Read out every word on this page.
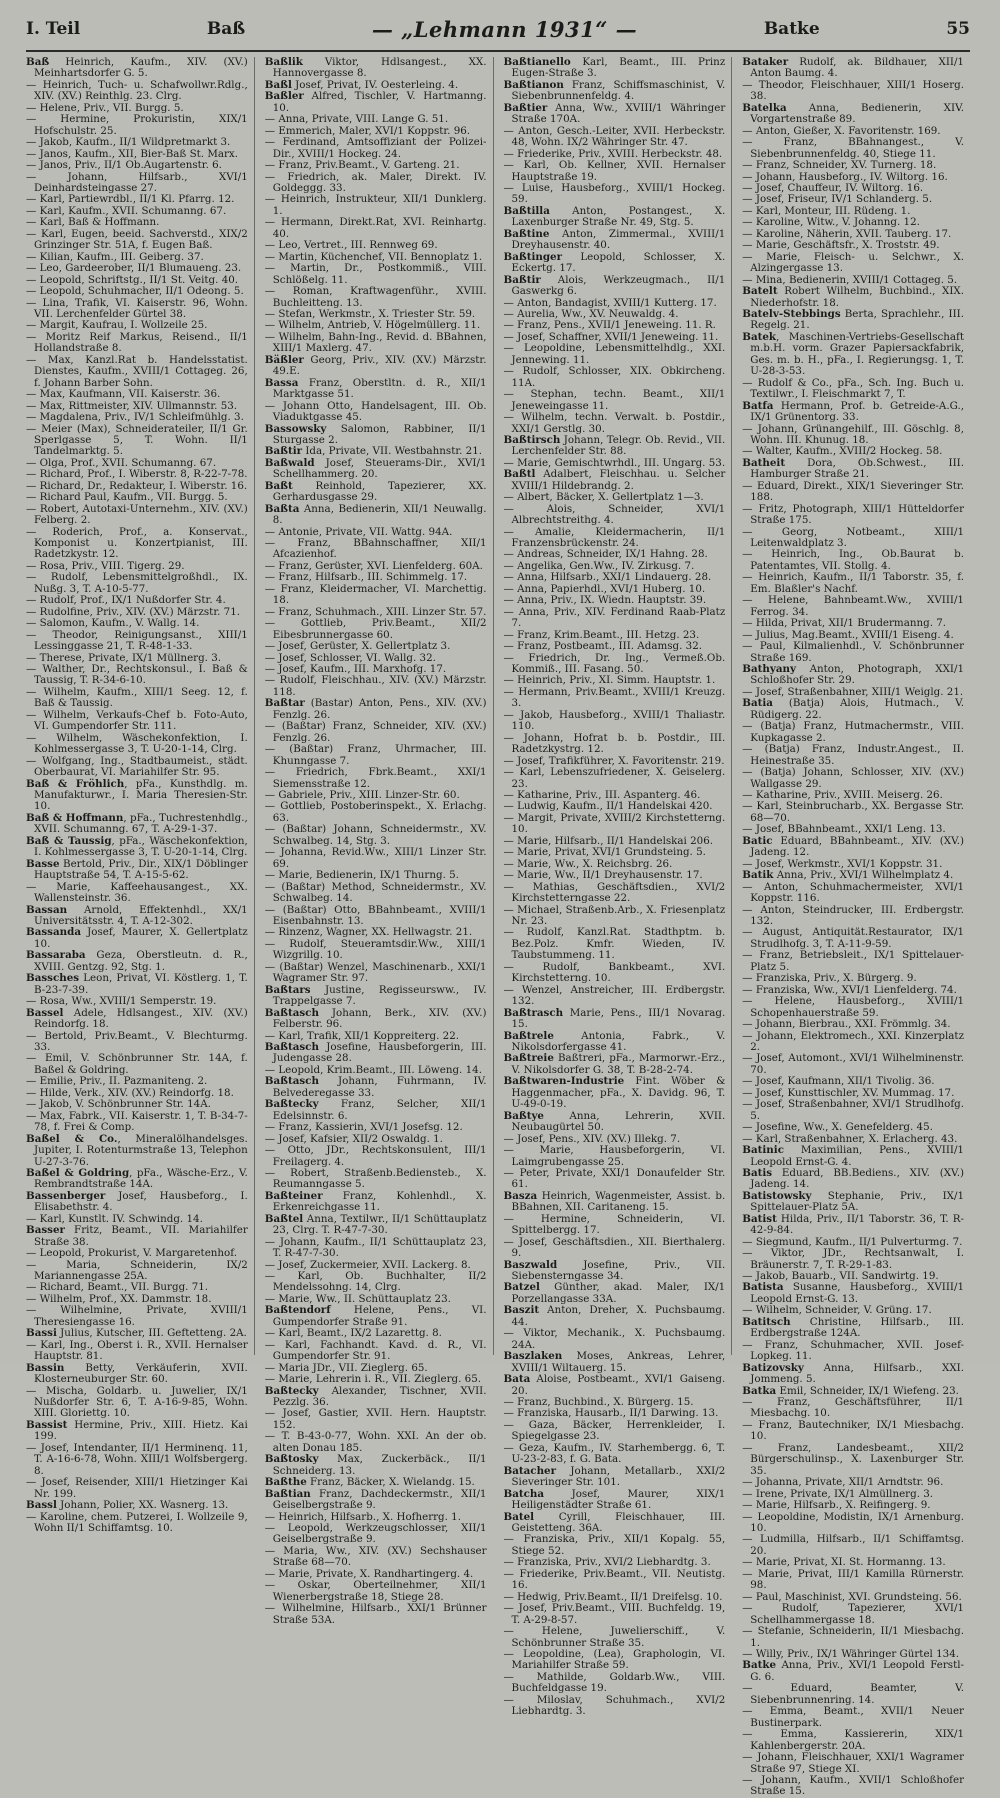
I. Teil	Baß	— „Lehmann 1931“ —	Batke	55

Baß Heinrich, Kaufm., XIV. (XV.) Meinhartsdorfer G. 5.

— Heinrich, Tuch- u. Schafwollwr.Rdlg., XIV. (XV.) Reinthlg. 23. Clrg.

— Helene, Priv., VII. Burgg. 5.

— Hermine, Prokuristin, XIX/1 Hofschulstr. 25.

— Jakob, Kaufm., II/1 Wildpretmarkt 3.

— Janos, Kaufm., XII, Bier-Baß St. Marx.

— Janos, Priv., II/1 Ob.Augartenstr. 6.

— Johann, Hilfsarb., XVI/1 Deinhardsteingasse 27.

— Karl, Partiewrdbl., II/1 Kl. Pfarrg. 12.

— Karl, Kaufm., XVII. Schumanng. 67.

— Karl, Baß & Hoffmann.

— Karl, Eugen, beeid. Sachverstd., XIX/2 Grinzinger Str. 51A, f. Eugen Baß.

— Kilian, Kaufm., III. Geiberg. 37.

— Leo, Gardeerober, II/1 Blumaueng. 23.

— Leopold, Schriftstg., II/1 St. Veitg. 40.

— Leopold, Schuhmacher, II/1 Odeong. 5.

— Lina, Trafik, VI. Kaiserstr. 96, Wohn. VII. Lerchenfelder Gürtel 38.

— Margit, Kaufrau, I. Wollzeile 25.

— Moritz Reif Markus, Reisend., II/1 Hollandstraße 8.

— Max, Kanzl.Rat b. Handelsstatist. Dienstes, Kaufm., XVIII/1 Cottageg. 26, f. Johann Barber Sohn.

— Max, Kaufmann, VII. Kaiserstr. 36.

— Max, Rittmeister, XIV. Ullmannstr. 53.

— Magdalena, Priv., IV/1 Schleifmühlg. 3.

— Meier (Max), Schneiderateiler, II/1 Gr. Sperlgasse 5, T. Wohn. II/1 Tandelmarktg. 5.

— Olga, Prof., XVII. Schumanng. 67.

— Richard, Prof., I. Wiberstr. 8, R-22-7-78.

— Richard, Dr., Redakteur, I. Wiberstr. 16.

— Richard Paul, Kaufm., VII. Burgg. 5.

— Robert, Autotaxi-Unternehm., XIV. (XV.) Felberg. 2.

— Roderich, Prof., a. Konservat., Komponist u. Konzertpianist, III. Radetzkystr. 12.

— Rosa, Priv., VIII. Tigerg. 29.

— Rudolf, Lebensmittelgroßhdl., IX. Nußg. 3, T. A-10-5-77.

— Rudolf, Prof., IX/1 Nußdorfer Str. 4.

— Rudolfine, Priv., XIV. (XV.) Märzstr. 71.

— Salomon, Kaufm., V. Wallg. 14.

— Theodor, Reinigungsanst., XIII/1 Lessinggasse 21, T. R-48-1-33.

— Therese, Private, IX/1 Müllnerg. 3.

— Walther, Dr., Rechtskonsul., I. Baß & Taussig, T. R-34-6-10.

— Wilhelm, Kaufm., XIII/1 Seeg. 12, f. Baß & Taussig.

— Wilhelm, Verkaufs-Chef b. Foto-Auto, VI. Gumpendorfer Str. 111.

— Wilhelm, Wäschekonfektion, I. Kohlmessergasse 3, T. U-20-1-14, Clrg.

— Wolfgang, Ing., Stadtbaumeist., städt. Oberbaurat, VI. Mariahilfer Str. 95.

Baß & Fröhlich, pFa., Kunsthdlg. m. Manufakturwr., I. Maria Theresien-Str. 10.

Baß & Hoffmann, pFa., Tuchrestenhdlg., XVII. Schumanng. 67, T. A-29-1-37.

Baß & Taussig, pFa., Wäschekonfektion, I. Kohlmessergasse 3, T. U-20-1-14, Clrg.

Basse Bertold, Priv., Dir., XIX/1 Döblinger Hauptstraße 54, T. A-15-5-62.

— Marie, Kaffeehausangest., XX. Wallensteinstr. 36.

Bassan Arnold, Effektenhdl., XX/1 Universitätsstr. 4, T. A-12-302.

Bassanda Josef, Maurer, X. Gellertplatz 10.

Bassaraba Geza, Oberstleutn. d. R., XVIII. Gentzg. 92, Stg. 1.

Bassches Leon, Privat, VI. Köstlerg. 1, T. B-23-7-39.

— Rosa, Ww., XVIII/1 Semperstr. 19.

Bassel Adele, Hdlsangest., XIV. (XV.) Reindorfg. 18.

— Bertold, Priv.Beamt., V. Blechturmg. 33.

— Emil, V. Schönbrunner Str. 14A, f. Baßel & Goldring.

— Emilie, Priv., II. Pazmaniteng. 2.

— Hilde, Verk., XIV. (XV.) Reindorfg. 18.

— Jakob, V. Schönbrunner Str. 14A.

— Max, Fabrk., VII. Kaiserstr. 1, T. B-34-7-78, f. Frei & Comp.

Baßel & Co., Mineralölhandelsges. Jupiter, I. Rotenturmstraße 13, Telephon U-27-3-76.

Baßel & Goldring, pFa., Wäsche-Erz., V. Rembrandtstraße 14A.

Bassenberger Josef, Hausbeforg., I. Elisabethstr. 4.

— Karl, Kunstlt. IV. Schwindg. 14.

Basser Fritz, Beamt., VII. Mariahilfer Straße 38.

— Leopold, Prokurist, V. Margaretenhof.

— Maria, Schneiderin, IX/2 Mariannengasse 25A.

— Richard, Beamt., VII. Burgg. 71.

— Wilhelm, Prof., XX. Dammstr. 18.

— Wilhelmine, Private, XVIII/1 Theresiengasse 16.

Bassi Julius, Kutscher, III. Geftetteng. 2A.

— Karl, Ing., Oberst i. R., XVII. Hernalser Hauptstr. 81.

Bassin Betty, Verkäuferin, XVII. Klosterneuburger Str. 60.

— Mischa, Goldarb. u. Juwelier, IX/1 Nußdorfer Str. 6, T. A-16-9-85, Wohn. XIII. Gloriettg. 10.

Bassist Hermine, Priv., XIII. Hietz. Kai 199.

— Josef, Intendanter, II/1 Herminenq. 11, T. A-16-6-78, Wohn. XIII/1 Wolfsbergerg. 8.

— Josef, Reisender, XIII/1 Hietzinger Kai Nr. 199.

Bassl Johann, Polier, XX. Wasnerg. 13.

— Karoline, chem. Putzerei, I. Wollzeile 9, Wohn II/1 Schiffamtsg. 10.

Baßlik Viktor, Hdlsangest., XX. Hannovergasse 8.

Baßl Josef, Privat, IV. Oesterleing. 4.

Baßler Alfred, Tischler, V. Hartmanng. 10.

— Anna, Private, VIII. Lange G. 51.

— Emmerich, Maler, XVI/1 Koppstr. 96.

— Ferdinand, Amtsoffiziant der Polizei-Dir., XVIII/1 Hockeg. 24.

— Franz, Priv.Beamt., V. Garteng. 21.

— Friedrich, ak. Maler, Direkt. IV. Goldeggg. 33.

— Heinrich, Instrukteur, XII/1 Dunklerg. 1.

— Hermann, Direkt.Rat, XVI. Reinhartg. 40.

— Leo, Vertret., III. Rennweg 69.

— Martin, Küchenchef, VII. Bennoplatz 1.

— Martin, Dr., Postkommiß., VIII. Schlößelg. 11.

— Roman, Kraftwagenführ., XVIII. Buchleitteng. 13.

— Stefan, Werkmstr., X. Triester Str. 59.

— Wilhelm, Antrieb, V. Högelmüllerg. 11.

— Wilhelm, Bahn-Ing., Revid. d. BBahnen, XIII/1 Maxlerg. 47.

Bäßler Georg, Priv., XIV. (XV.) Märzstr. 49.E.

Bassa Franz, Oberstltn. d. R., XII/1 Marktgasse 51.

— Johann Otto, Handelsagent, III. Ob. Viaduktgasse 45.

Bassowsky Salomon, Rabbiner, II/1 Sturgasse 2.

Baßtir Ida, Private, VII. Westbahnstr. 21.

Baßwald Josef, Steuerams-Dir., XVI/1 Schellhammerg. 20.

Baßt Reinhold, Tapezierer, XX. Gerhardusgasse 29.

Baßta Anna, Bedienerin, XII/1 Neuwallg. 8.

— Antonie, Private, VII. Wattg. 94A.

— Franz, BBahnschaffner, XII/1 Afcazienhof.

— Franz, Gerüster, XVI. Lienfelderg. 60A.

— Franz, Hilfsarb., III. Schimmelg. 17.

— Franz, Kleidermacher, VI. Marchettig. 18.

— Franz, Schuhmach., XIII. Linzer Str. 57.

— Gottlieb, Priv.Beamt., XII/2 Eibesbrunnergasse 60.

— Josef, Gerüster, X. Gellertplatz 3.

— Josef, Schlosser, VI. Wallg. 32.

— Josef, Kaufm., III. Marxhofg. 17.

— Rudolf, Fleischhau., XIV. (XV.) Märzstr. 118.

Baßtar (Bastar) Anton, Pens., XIV. (XV.) Fenzlg. 26.

— (Baßtar) Franz, Schneider, XIV. (XV.) Fenzlg. 26.

— (Baßtar) Franz, Uhrmacher, III. Khunngasse 7.

— Friedrich, Fbrk.Beamt., XXI/1 Siemensstraße 12.

— Gabriele, Priv., XIII. Linzer-Str. 60.

— Gottlieb, Postoberinspekt., X. Erlachg. 63.

— (Baßtar) Johann, Schneidermstr., XV. Schwalbeg. 14, Stg. 3.

— Johanna, Revid.Ww., XIII/1 Linzer Str. 69.

— Marie, Bedienerin, IX/1 Thurng. 5.

— (Baßtar) Method, Schneidermstr., XV. Schwalbeg. 14.

— (Baßtar) Otto, BBahnbeamt., XVIII/1 Eisenbahnstr. 13.

— Rinzenz, Wagner, XX. Hellwagstr. 21.

— Rudolf, Steueramtsdir.Ww., XIII/1 Wizgrillg. 10.

— (Baßtar) Wenzel, Maschinenarb., XXI/1 Wagramer Str. 97.

Baßtars Justine, Regisseursww., IV. Trappelgasse 7.

Baßtasch Johann, Berk., XIV. (XV.) Felberstr. 96.

— Karl, Trafik, XII/1 Koppreiterg. 22.

Baßtasch Josefine, Hausbeforgerin, III. Judengasse 28.

— Leopold, Krim.Beamt., III. Löweng. 14.

Baßtasch Johann, Fuhrmann, IV. Belvederegasse 33.

Baßtecky Franz, Selcher, XII/1 Edelsinnstr. 6.

— Franz, Kassierin, XVI/1 Josefsg. 12.

— Josef, Kafsier, XII/2 Oswaldg. 1.

— Otto, JDr., Rechtskonsulent, III/1 Freilagerg. 4.

— Robert, Straßenb.Bediensteb., X. Reumanngasse 5.

Baßteiner Franz, Kohlenhdl., X. Erkenreichgasse 11.

Baßtel Anna, Textilwr., II/1 Schüttauplatz 23, Clrg. T. R-47-7-30.

— Johann, Kaufm., II/1 Schüttauplatz 23, T. R-47-7-30.

— Josef, Zuckermeier, XVII. Lackerg. 8.

— Karl, Ob. Buchhalter, II/2 Mendelssohng. 14, Clrg.

— Marie, Ww., II. Schüttauplatz 23.

Baßtendorf Helene, Pens., VI. Gumpendorfer Straße 91.

— Karl, Beamt., IX/2 Lazarettg. 8.

— Karl, Fachhandt. Kavd. d. R., VI. Gumpendorfer Str. 91.

— Maria JDr., VII. Zieglerg. 65.

— Marie, Lehrerin i. R., VII. Zieglerg. 65.

Baßtecky Alexander, Tischner, XVII. Pezzlg. 36.

— Josef, Gastier, XVII. Hern. Hauptstr. 152.

— T. B-43-0-77, Wohn. XXI. An der ob. alten Donau 185.

Baßtosky Max, Zuckerbäck., II/1 Schneiderg. 13.

Baßthe Franz, Bäcker, X. Wielandg. 15.

Baßtian Franz, Dachdeckermstr., XII/1 Geiselbergstraße 9.

— Heinrich, Hilfsarb., X. Hofherrg. 1.

— Leopold, Werkzeugschlosser, XII/1 Geiselbergstraße 9.

— Maria, Ww., XIV. (XV.) Sechshauser Straße 68—70.

— Marie, Private, X. Randhartingerg. 4.

— Oskar, Oberteilnehmer, XII/1 Wienerbergstraße 18, Stiege 28.

— Wilhelmine, Hilfsarb., XXI/1 Brünner Straße 53A.

Baßtianello Karl, Beamt., III. Prinz Eugen-Straße 3.

Baßtianon Franz, Schiffsmaschinist, V. Siebenbrunnenfeldg. 4.

Baßtier Anna, Ww., XVIII/1 Währinger Straße 170A.

— Anton, Gesch.-Leiter, XVII. Herbeckstr. 48, Wohn. IX/2 Währinger Str. 47.

— Friederike, Priv., XVIII. Herbeckstr. 48.

— Karl, Ob. Kellner, XVII. Hernalser Hauptstraße 19.

— Luise, Hausbeforg., XVIII/1 Hockeg. 59.

Baßtilla Anton, Postangest., X. Laxenburger Straße Nr. 49, Stg. 5.

Baßtine Anton, Zimmermal., XVIII/1 Dreyhausenstr. 40.

Baßtinger Leopold, Schlosser, X. Eckertg. 17.

Baßtir Alois, Werkzeugmach., II/1 Gaswerkg 6.

— Anton, Bandagist, XVIII/1 Kutterg. 17.

— Aurelia, Ww., XV. Neuwaldg. 4.

— Franz, Pens., XVII/1 Jeneweing. 11. R.

— Josef, Schaffner, XVII/1 Jeneweing. 11.

— Leopoldine, Lebensmittelhdlg., XXI. Jennewing. 11.

— Rudolf, Schlosser, XIX. Obkircheng. 11A.

— Stephan, techn. Beamt., XII/1 Jeneweingasse 11.

— Wilhelm, techn. Verwalt. b. Postdir., XXI/1 Gerstlg. 30.

Baßtirsch Johann, Telegr. Ob. Revid., VII. Lerchenfelder Str. 88.

— Marie, Gemischtwrhdl., III. Ungarg. 53.

Baßtl Adalbert, Fleischhau. u. Selcher XVIII/1 Hildebrandg. 2.

— Albert, Bäcker, X. Gellertplatz 1—3.

— Alois, Schneider, XVI/1 Albrechtstreithg. 4.

— Amalie, Kleidermacherin, II/1 Franzensbrückenstr. 24.

— Andreas, Schneider, IX/1 Hahng. 28.

— Angelika, Gen.Ww., IV. Zirkusg. 7.

— Anna, Hilfsarb., XXI/1 Lindauerg. 28.

— Anna, Papierhdl., XVI/1 Huberg. 10.

— Anna, Priv., IX. Wiedn. Hauptstr. 39.

— Anna, Priv., XIV. Ferdinand Raab-Platz 7.

— Franz, Krim.Beamt., III. Hetzg. 23.

— Franz, Postbeamt., III. Adamsg. 32.

— Friedrich, Dr. Ing., Vermeß.Ob. Kommiß., III. Fasang. 50.

— Heinrich, Priv., XI. Simm. Hauptstr. 1.

— Hermann, Priv.Beamt., XVIII/1 Kreuzg. 3.

— Jakob, Hausbeforg., XVIII/1 Thaliastr. 110.

— Johann, Hofrat b. b. Postdir., III. Radetzkystrg. 12.

— Josef, Trafikführer, X. Favoritenstr. 219.

— Karl, Lebenszufriedener, X. Geiselerg. 23.

— Katharine, Priv., III. Aspanterg. 46.

— Ludwig, Kaufm., II/1 Handelskai 420.

— Margit, Private, XVIII/2 Kirchstetterng. 10.

— Marie, Hilfsarb., II/1 Handelskai 206.

— Marie, Privat, XVI/1 Grundsteing. 5.

— Marie, Ww., X. Reichsbrg. 26.

— Marie, Ww., II/1 Dreyhausenstr. 17.

— Mathias, Geschäftsdien., XVI/2 Kirchstetterngasse 22.

— Michael, Straßenb.Arb., X. Friesenplatz Nr. 23.

— Rudolf, Kanzl.Rat. Stadthptm. b. Bez.Polz. Kmfr. Wieden, IV. Taubstummeng. 11.

— Rudolf, Bankbeamt., XVI. Kirchstetterng. 10.

— Wenzel, Anstreicher, III. Erdbergstr. 132.

Baßtrasch Marie, Pens., III/1 Novarag. 15.

Baßtrele Antonia, Fabrk., V. Nikolsdorfergasse 41.

Baßtreie Baßtreri, pFa., Marmorwr.-Erz., V. Nikolsdorfer G. 38, T. B-28-2-74.

Baßtwaren-Industrie Fint. Wöber & Haggenmacher, pFa., X. Davidg. 96, T. U-49-0-19.

Baßtye Anna, Lehrerin, XVII. Neubaugürtel 50.

— Josef, Pens., XIV. (XV.) Illekg. 7.

— Marie, Hausbeforgerin, VI. Laimgrubengasse 25.

— Peter, Private, XXI/1 Donaufelder Str. 61.

Basza Heinrich, Wagenmeister, Assist. b. BBahnen, XII. Caritaneng. 15.

— Hermine, Schneiderin, VI. Spittelbergg. 17.

— Josef, Geschäftsdien., XII. Bierthalerg. 9.

Baszwald Josefine, Priv., VII. Siebensterngasse 34.

Batzel Günther, akad. Maler, IX/1 Porzellangasse 33A.

Baszit Anton, Dreher, X. Puchsbaumg. 44.

— Viktor, Mechanik., X. Puchsbaumg. 24A.

Baszlaken Moses, Ankreas, Lehrer, XVIII/1 Wiltauerg. 15.

Bata Aloise, Postbeamt., XVI/1 Gaiseng. 20.

— Franz, Buchbind., X. Bürgerg. 15.

— Franziska, Hausarb., II/1 Darwing. 13.

— Gaza, Bäcker, Herrenkleider, I. Spiegelgasse 23.

— Geza, Kaufm., IV. Starhembergg. 6, T. U-23-2-83, f. G. Bata.

Batacher Johann, Metallarb., XXI/2 Sieveringer Str. 101.

Batcha Josef, Maurer, XIX/1 Heiligenstädter Straße 61.

Batel Cyrill, Fleischhauer, III. Geistetteng. 36A.

— Franziska, Priv., XII/1 Kopalg. 55, Stiege 52.

— Franziska, Priv., XVI/2 Liebhardtg. 3.

— Friederike, Priv.Beamt., VII. Neutistg. 16.

— Hedwig, Priv.Beamt., II/1 Dreifelsg. 10.

— Josef, Priv.Beamt., VIII. Buchfeldg. 19, T. A-29-8-57.

— Helene, Juwelierschiff., V. Schönbrunner Straße 35.

— Leopoldine, (Lea), Graphologin, VI. Mariahilfer Straße 59.

— Mathilde, Goldarb.Ww., VIII. Buchfeldgasse 19.

— Miloslav, Schuhmach., XVI/2 Liebhardtg. 3.

Bataker Rudolf, ak. Bildhauer, XII/1 Anton Baumg. 4.

— Theodor, Fleischhauer, XIII/1 Hoserg. 38.

Batelka Anna, Bedienerin, XIV. Vorgartenstraße 89.

— Anton, Gießer, X. Favoritenstr. 169.

— Franz, BBahnangest., V. Siebenbrunnenfeldg. 40, Stiege 11.

— Franz, Schneider, XV. Turnerg. 18.

— Johann, Hausbeforg., IV. Wiltorg. 16.

— Josef, Chauffeur, IV. Wiltorg. 16.

— Josef, Friseur, IV/1 Schlanderg. 5.

— Karl, Monteur, III. Rüdeng. 1.

— Karoline, Witw., V. Johanng. 12.

— Karoline, Näherin, XVII. Tauberg. 17.

— Marie, Geschäftsfr., X. Troststr. 49.

— Marie, Fleisch- u. Selchwr., X. Alzingergasse 13.

— Mina, Bedienerin, XVIII/1 Cottageg. 5.

Batelt Robert Wilhelm, Buchbind., XIX. Niederhofstr. 18.

Batelv-Stebbings Berta, Sprachlehr., III. Regelg. 21.

Batek, Maschinen-Vertriebs-Gesellschaft m.b.H. vorm. Grazer Papiersackfabrik, Ges. m. b. H., pFa., I. Regierungsg. 1, T. U-28-3-53.

— Rudolf & Co., pFa., Sch. Ing. Buch u. Textilwr., I. Fleischmarkt 7, T.

Batfa Hermann, Prof. b. Getreide-A.G., IX/1 Grünentorg. 33.

— Johann, Grünangehilf., III. Göschlg. 8, Wohn. III. Khunug. 18.

— Walter, Kaufm., XVIII/2 Hockeg. 58.

Batheit Dora, Ob.Schwest., III. Hamburger Straße 21.

— Eduard, Direkt., XIX/1 Sieveringer Str. 188.

— Fritz, Photograph, XIII/1 Hütteldorfer Straße 175.

— Georg, Notbeamt., XIII/1 Leitenwaldplatz 3.

— Heinrich, Ing., Ob.Baurat b. Patentamtes, VII. Stollg. 4.

— Heinrich, Kaufm., II/1 Taborstr. 35, f. Em. Blaßler's Nachf.

— Helene, Bahnbeamt.Ww., XVIII/1 Ferrog. 34.

— Hilda, Privat, XII/1 Brudermanng. 7.

— Julius, Mag.Beamt., XVIII/1 Eiseng. 4.

— Paul, Kilmalienhdl., V. Schönbrunner Straße 169.

Bathyany Anton, Photograph, XXI/1 Schloßhofer Str. 29.

— Josef, Straßenbahner, XIII/1 Weiglg. 21.

Batia (Batja) Alois, Hutmach., V. Rüdigerg. 22.

— (Batja) Franz, Hutmachermstr., VIII. Kupkagasse 2.

— (Batja) Franz, Industr.Angest., II. Heinestraße 35.

— (Batja) Johann, Schlosser, XIV. (XV.) Wallgasse 29.

— Katharine, Priv., XVIII. Meiserg. 26.

— Karl, Steinbrucharb., XX. Bergasse Str. 68—70.

— Josef, BBahnbeamt., XXI/1 Leng. 13.

Batic Eduard, BBahnbeamt., XIV. (XV.) Jadeng. 12.

— Josef, Werkmstr., XVI/1 Koppstr. 31.

Batik Anna, Priv., XVI/1 Wilhelmplatz 4.

— Anton, Schuhmachermeister, XVI/1 Koppstr. 116.

— Anton, Steindrucker, III. Erdbergstr. 132.

— August, Antiquität.Restaurator, IX/1 Strudlhofg. 3, T. A-11-9-59.

— Franz, Betriebsleit., IX/1 Spittelauer-Platz 5.

— Franziska, Priv., X. Bürgerg. 9.

— Franziska, Ww., XVI/1 Lienfelderg. 74.

— Helene, Hausbeforg., XVIII/1 Schopenhauerstraße 59.

— Johann, Bierbrau., XXI. Frömmlg. 34.

— Johann, Elektromech., XXI. Kinzerplatz 2.

— Josef, Automont., XVI/1 Wilhelminenstr. 70.

— Josef, Kaufmann, XII/1 Tivolig. 36.

— Josef, Kunsttischler, XV. Mummag. 17.

— Josef, Straßenbahner, XVI/1 Strudlhofg. 5.

— Josefine, Ww., X. Genefelderg. 45.

— Karl, Straßenbahner, X. Erlacherg. 43.

Batinic Maximilian, Pens., XVIII/1 Leopold Ernst-G. 4.

Batis Eduard, BB.Bediens., XIV. (XV.) Jadeng. 14.

Batistowsky Stephanie, Priv., IX/1 Spittelauer-Platz 5A.

Batist Hilda, Priv., II/1 Taborstr. 36, T. R-42-9-84.

— Siegmund, Kaufm., II/1 Pulverturmg. 7.

— Viktor, JDr., Rechtsanwalt, I. Bräunerstr. 7, T. R-29-1-83.

— Jakob, Bauarb., VII. Sandwirtg. 19.

Batista Susanne, Hausbeforg., XVIII/1 Leopold Ernst-G. 13.

— Wilhelm, Schneider, V. Grüng. 17.

Batitsch Christine, Hilfsarb., III. Erdbergstraße 124A.

— Franz, Schuhmacher, XVII. Josef-Lopkeg. 11.

Batizovsky Anna, Hilfsarb., XXI. Jommeng. 5.

Batka Emil, Schneider, IX/1 Wiefeng. 23.

— Franz, Geschäftsführer, II/1 Miesbachg. 10.

— Franz, Bautechniker, IX/1 Miesbachg. 10.

— Franz, Landesbeamt., XII/2 Bürgerschulinsp., X. Laxenburger Str. 35.

— Johanna, Private, XII/1 Arndtstr. 96.

— Irene, Private, IX/1 Almüllnerg. 3.

— Marie, Hilfsarb., X. Reifingerg. 9.

— Leopoldine, Modistin, IX/1 Arnenburg. 10.

— Ludmilla, Hilfsarb., II/1 Schiffamtsg. 20.

— Marie, Privat, XI. St. Hormanng. 13.

— Marie, Privat, III/1 Kamilla Rürnerstr. 98.

— Paul, Maschinist, XVI. Grundsteing. 56.

— Rudolf, Tapezierer, XVI/1 Schellhammergasse 18.

— Stefanie, Schneiderin, II/1 Miesbachg. 1.

— Willy, Priv., IX/1 Währinger Gürtel 134.

Batke Anna, Priv., XVI/1 Leopold Ferstl-G. 6.

— Eduard, Beamter, V. Siebenbrunnenring. 14.

— Emma, Beamt., XVII/1 Neuer Bustinerpark.

— Emma, Kassiererin, XIX/1 Kahlenbergerstr. 20A.

— Johann, Fleischhauer, XXI/1 Wagramer Straße 97, Stiege XI.

— Johann, Kaufm., XVII/1 Schloßhofer Straße 15.
